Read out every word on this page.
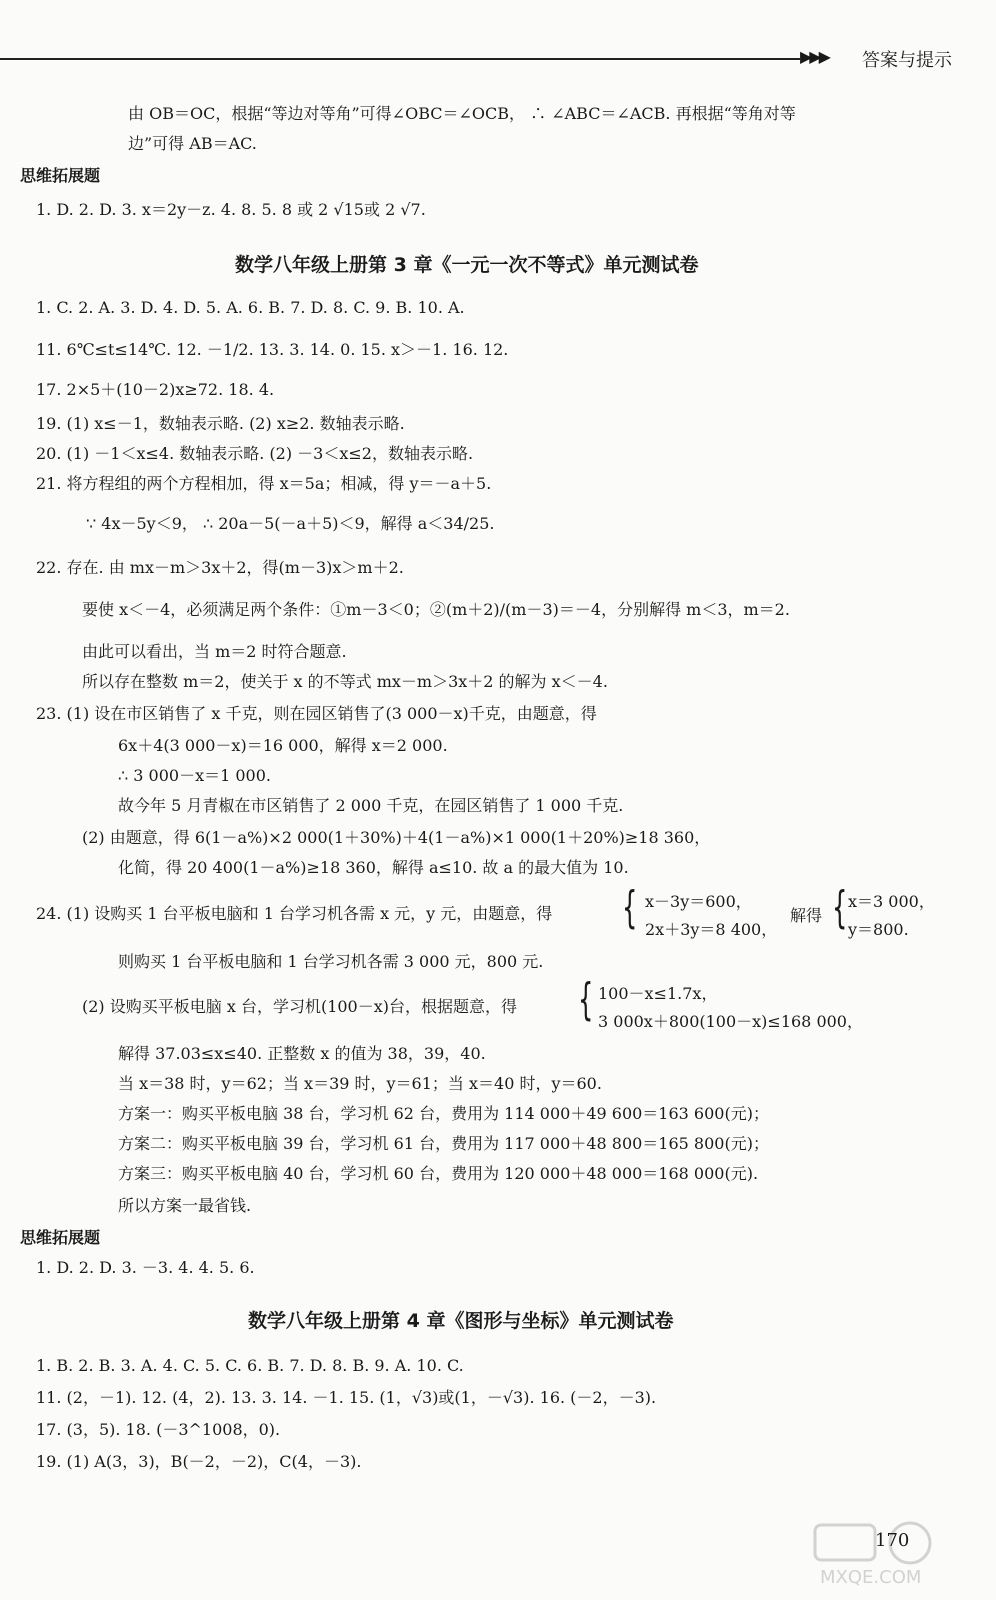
▶▶▶ 答案与提示
由 OB＝OC，根据“等边对等角”可得∠OBC＝∠OCB， ∴ ∠ABC＝∠ACB. 再根据“等角对等
边”可得 AB＝AC.
思维拓展题
1. D. 2. D. 3. x＝2y－z. 4. 8. 5. 8 或 2 √15或 2 √7.
数学八年级上册第 3 章《一元一次不等式》单元测试卷
1. C. 2. A. 3. D. 4. D. 5. A. 6. B. 7. D. 8. C. 9. B. 10. A.
11. 6℃≤t≤14℃. 12. －1/2. 13. 3. 14. 0. 15. x＞－1. 16. 12.
17. 2×5＋(10－2)x≥72. 18. 4.
19. (1) x≤－1，数轴表示略. (2) x≥2. 数轴表示略.
20. (1) －1＜x≤4. 数轴表示略. (2) －3＜x≤2，数轴表示略.
21. 将方程组的两个方程相加，得 x＝5a；相减，得 y＝－a＋5.
∵ 4x－5y＜9， ∴ 20a－5(－a＋5)＜9，解得 a＜34/25.
22. 存在. 由 mx－m＞3x＋2，得(m－3)x＞m＋2.
要使 x＜－4，必须满足两个条件：①m－3＜0；②(m＋2)/(m－3)＝－4，分别解得 m＜3，m＝2.
由此可以看出，当 m＝2 时符合题意.
所以存在整数 m＝2，使关于 x 的不等式 mx－m＞3x＋2 的解为 x＜－4.
23. (1) 设在市区销售了 x 千克，则在园区销售了(3 000－x)千克，由题意，得
6x＋4(3 000－x)＝16 000，解得 x＝2 000.
∴ 3 000－x＝1 000.
故今年 5 月青椒在市区销售了 2 000 千克，在园区销售了 1 000 千克.
(2) 由题意，得 6(1－a%)×2 000(1＋30%)＋4(1－a%)×1 000(1＋20%)≥18 360，
化简，得 20 400(1－a%)≥18 360，解得 a≤10. 故 a 的最大值为 10.
24. (1) 设购买 1 台平板电脑和 1 台学习机各需 x 元，y 元，由题意，得 { x－3y＝600，
2x＋3y＝8 400，
解得 { x＝3 000，
y＝800.
则购买 1 台平板电脑和 1 台学习机各需 3 000 元，800 元.
(2) 设购买平板电脑 x 台，学习机(100－x)台，根据题意，得 { 100－x≤1.7x，
3 000x＋800(100－x)≤168 000，
解得 37.03≤x≤40. 正整数 x 的值为 38，39，40.
当 x＝38 时，y＝62；当 x＝39 时，y＝61；当 x＝40 时，y＝60.
方案一：购买平板电脑 38 台，学习机 62 台，费用为 114 000＋49 600＝163 600(元)；
方案二：购买平板电脑 39 台，学习机 61 台，费用为 117 000＋48 800＝165 800(元)；
方案三：购买平板电脑 40 台，学习机 60 台，费用为 120 000＋48 000＝168 000(元).
所以方案一最省钱.
思维拓展题
1. D. 2. D. 3. －3. 4. 4. 5. 6.
数学八年级上册第 4 章《图形与坐标》单元测试卷
1. B. 2. B. 3. A. 4. C. 5. C. 6. B. 7. D. 8. B. 9. A. 10. C.
11. (2，－1). 12. (4，2). 13. 3. 14. －1. 15. (1，√3)或(1，－√3). 16. (－2，－3).
17. (3，5). 18. (－3^1008，0).
19. (1) A(3，3)，B(－2，－2)，C(4，－3).
MXQE.COM
170
